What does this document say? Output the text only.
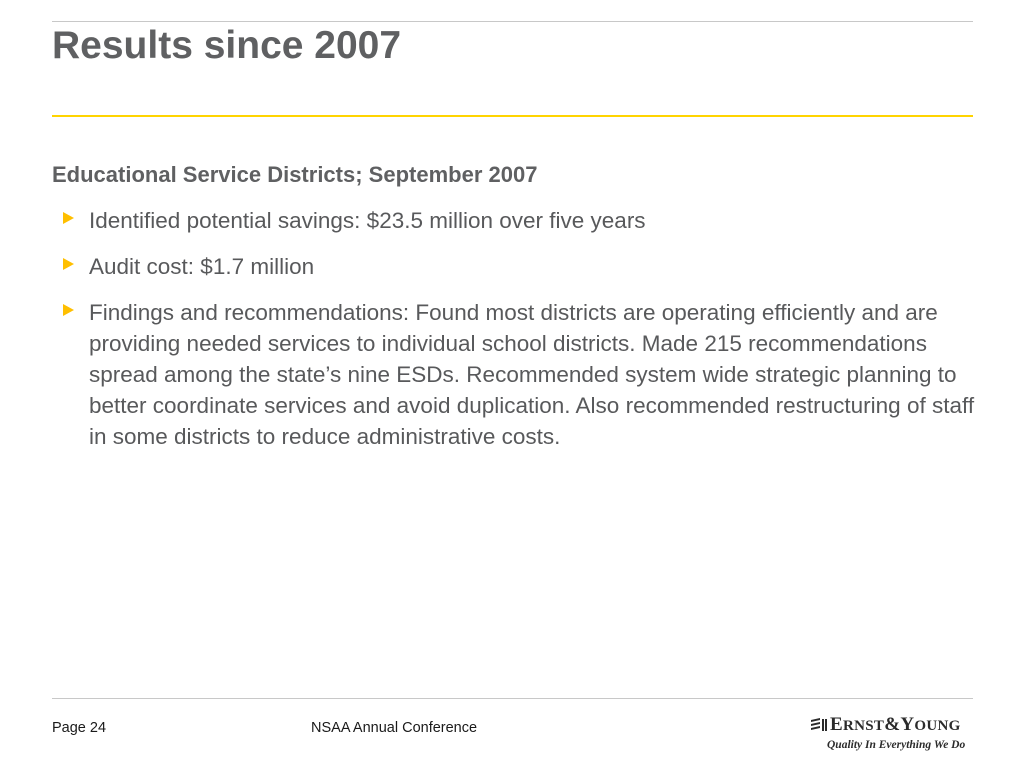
Results since 2007
Educational Service Districts; September 2007
Identified potential savings: $23.5 million over five years
Audit cost: $1.7 million
Findings and recommendations: Found most districts are operating efficiently and are providing needed services to individual school districts. Made 215 recommendations spread among the state’s nine ESDs. Recommended system wide strategic planning to better coordinate services and avoid duplication. Also recommended restructuring of staff in some districts to reduce administrative costs.
Page 24	NSAA Annual Conference	ERNST&YOUNG
Quality In Everything We Do
